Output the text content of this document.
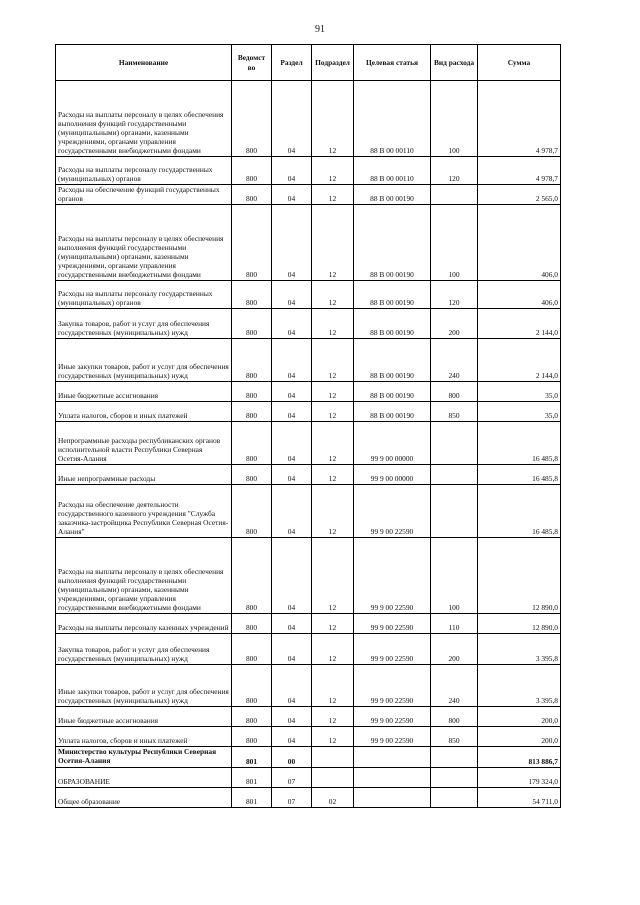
91
Наименование	Ведомст во	Раздел	Подраздел	Целевая статья	Вид расхода	Сумма
Расходы на выплаты персоналу в целях обеспечения выполнения функций государственными (муниципальными) органами, казенными учреждениями, органами управления государственными внебюджетными фондами	800	04	12	88 В 00 00110	100	4 978,7
Расходы на выплаты персоналу государственных (муниципальных) органов	800	04	12	88 В 00 00110	120	4 978,7
Расходы на обеспечение функций государственных органов	800	04	12	88 В 00 00190		2 565,0
Расходы на выплаты персоналу в целях обеспечения выполнения функций государственными (муниципальными) органами, казенными учреждениями, органами управления государственными внебюджетными фондами	800	04	12	88 В 00 00190	100	406,0
Расходы на выплаты персоналу государственных (муниципальных) органов	800	04	12	88 В 00 00190	120	406,0
Закупка товаров, работ и услуг для обеспечения государственных (муниципальных) нужд	800	04	12	88 В 00 00190	200	2 144,0
Иные закупки товаров, работ и услуг для обеспечения государственных (муниципальных) нужд	800	04	12	88 В 00 00190	240	2 144,0
Иные бюджетные ассигнования	800	04	12	88 В 00 00190	800	35,0
Уплата налогов, сборов и иных платежей	800	04	12	88 В 00 00190	850	35,0
Непрограммные расходы республиканских органов исполнительной власти Республики Северная Осетия-Алания	800	04	12	99 9 00 00000		16 485,8
Иные непрограммные расходы	800	04	12	99 9 00 00000		16 485,8
Расходы на обеспечение деятельности государственного казенного учреждения "Служба заказчика-застройщика Республики Северная Осетия-Алания"	800	04	12	99 9 00 22590		16 485,8
Расходы на выплаты персоналу в целях обеспечения выполнения функций государственными (муниципальными) органами, казенными учреждениями, органами управления государственными внебюджетными фондами	800	04	12	99 9 00 22590	100	12 890,0
Расходы на выплаты персоналу казенных учреждений	800	04	12	99 9 00 22590	110	12 890,0
Закупка товаров, работ и услуг для обеспечения государственных (муниципальных) нужд	800	04	12	99 9 00 22590	200	3 395,8
Иные закупки товаров, работ и услуг для обеспечения государственных (муниципальных) нужд	800	04	12	99 9 00 22590	240	3 395,8
Иные бюджетные ассигнования	800	04	12	99 9 00 22590	800	200,0
Уплата налогов, сборов и иных платежей	800	04	12	99 9 00 22590	850	200,0
Министерство культуры Республики Северная Осетия-Алания	801	00				813 886,7
ОБРАЗОВАНИЕ	801	07				179 324,0
Общее образование	801	07	02			54 711,0
